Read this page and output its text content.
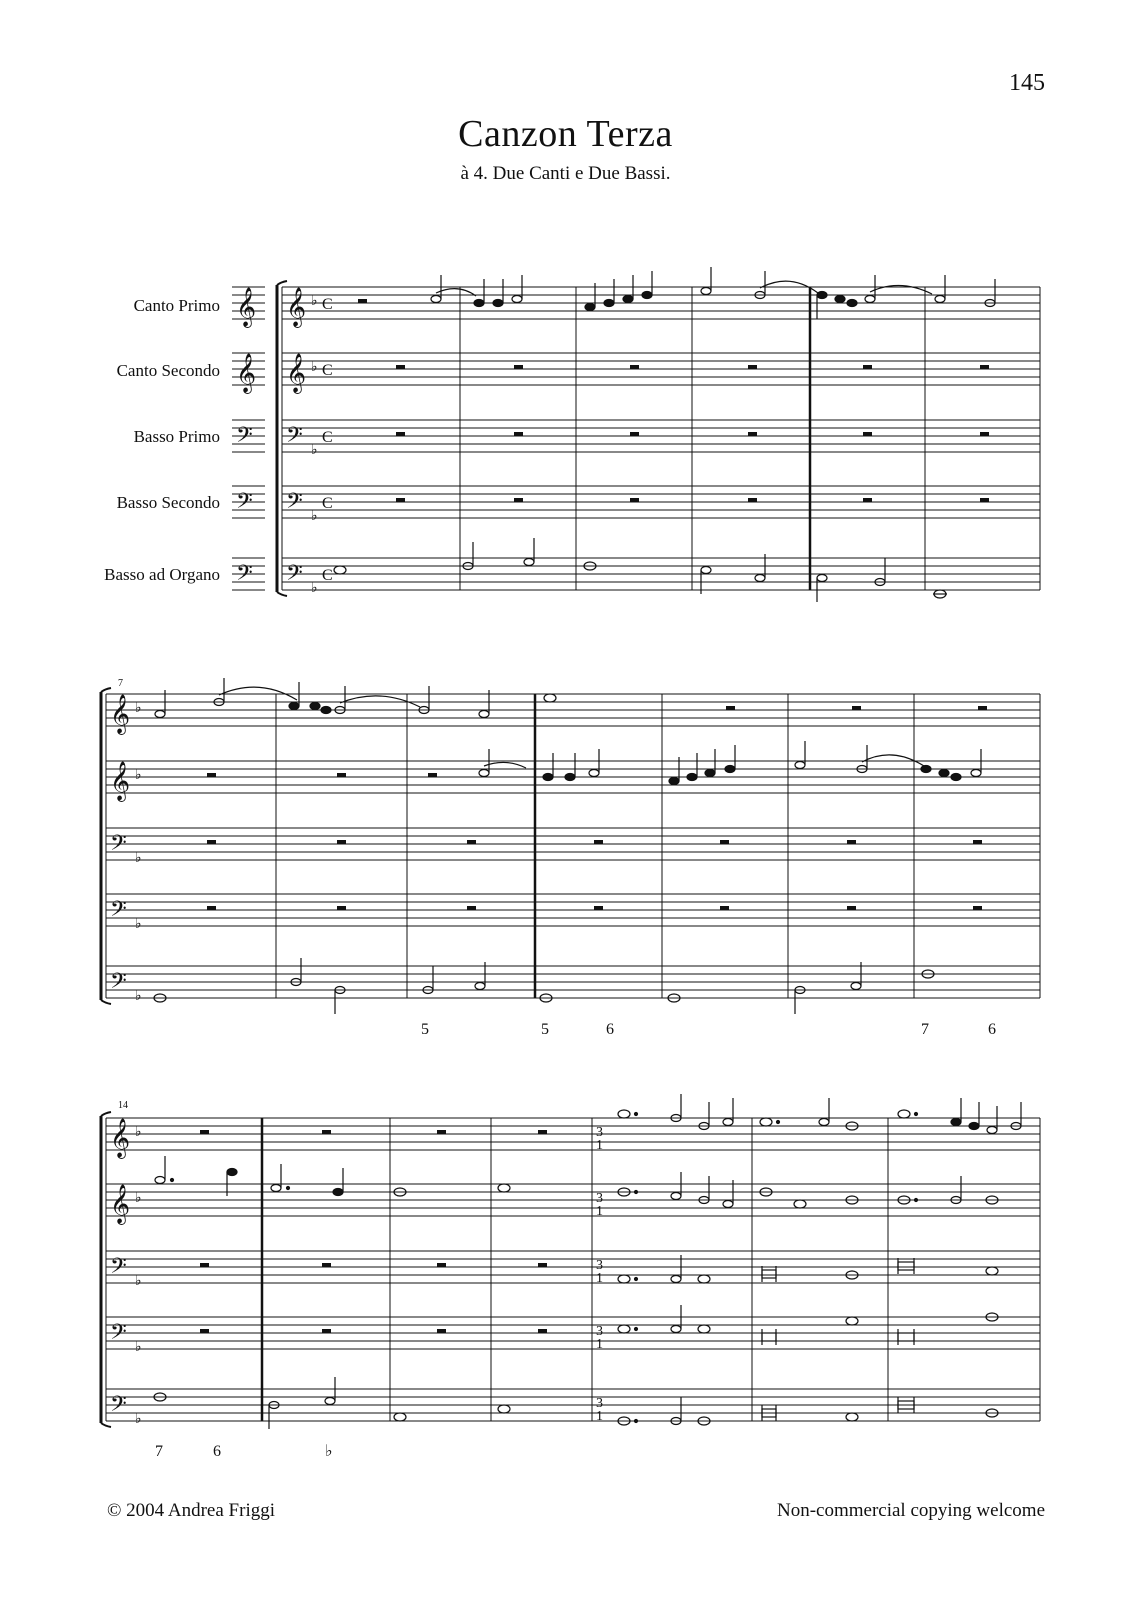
145
Canzon Terza
à 4. Due Canti e Due Bassi.
Canto Primo
Canto Secondo
Basso Primo
Basso Secondo
Basso ad Organo
𝄞
𝄞
𝄢
𝄢
𝄢
𝄞
𝄞
𝄢
𝄢
𝄢
♭
♭
♭
♭
♭
C
C
C
C
C
𝄞
𝄞
𝄢
𝄢
𝄢
♭
♭
♭
♭
♭
𝄞
𝄞
𝄢
𝄢
𝄢
♭
♭
♭
♭
♭
3
1
3
1
3
1
3
1
3
1
7
14
5	5	6	7	6
7	6	♭
© 2004 Andrea Friggi	Non-commercial copying welcome
